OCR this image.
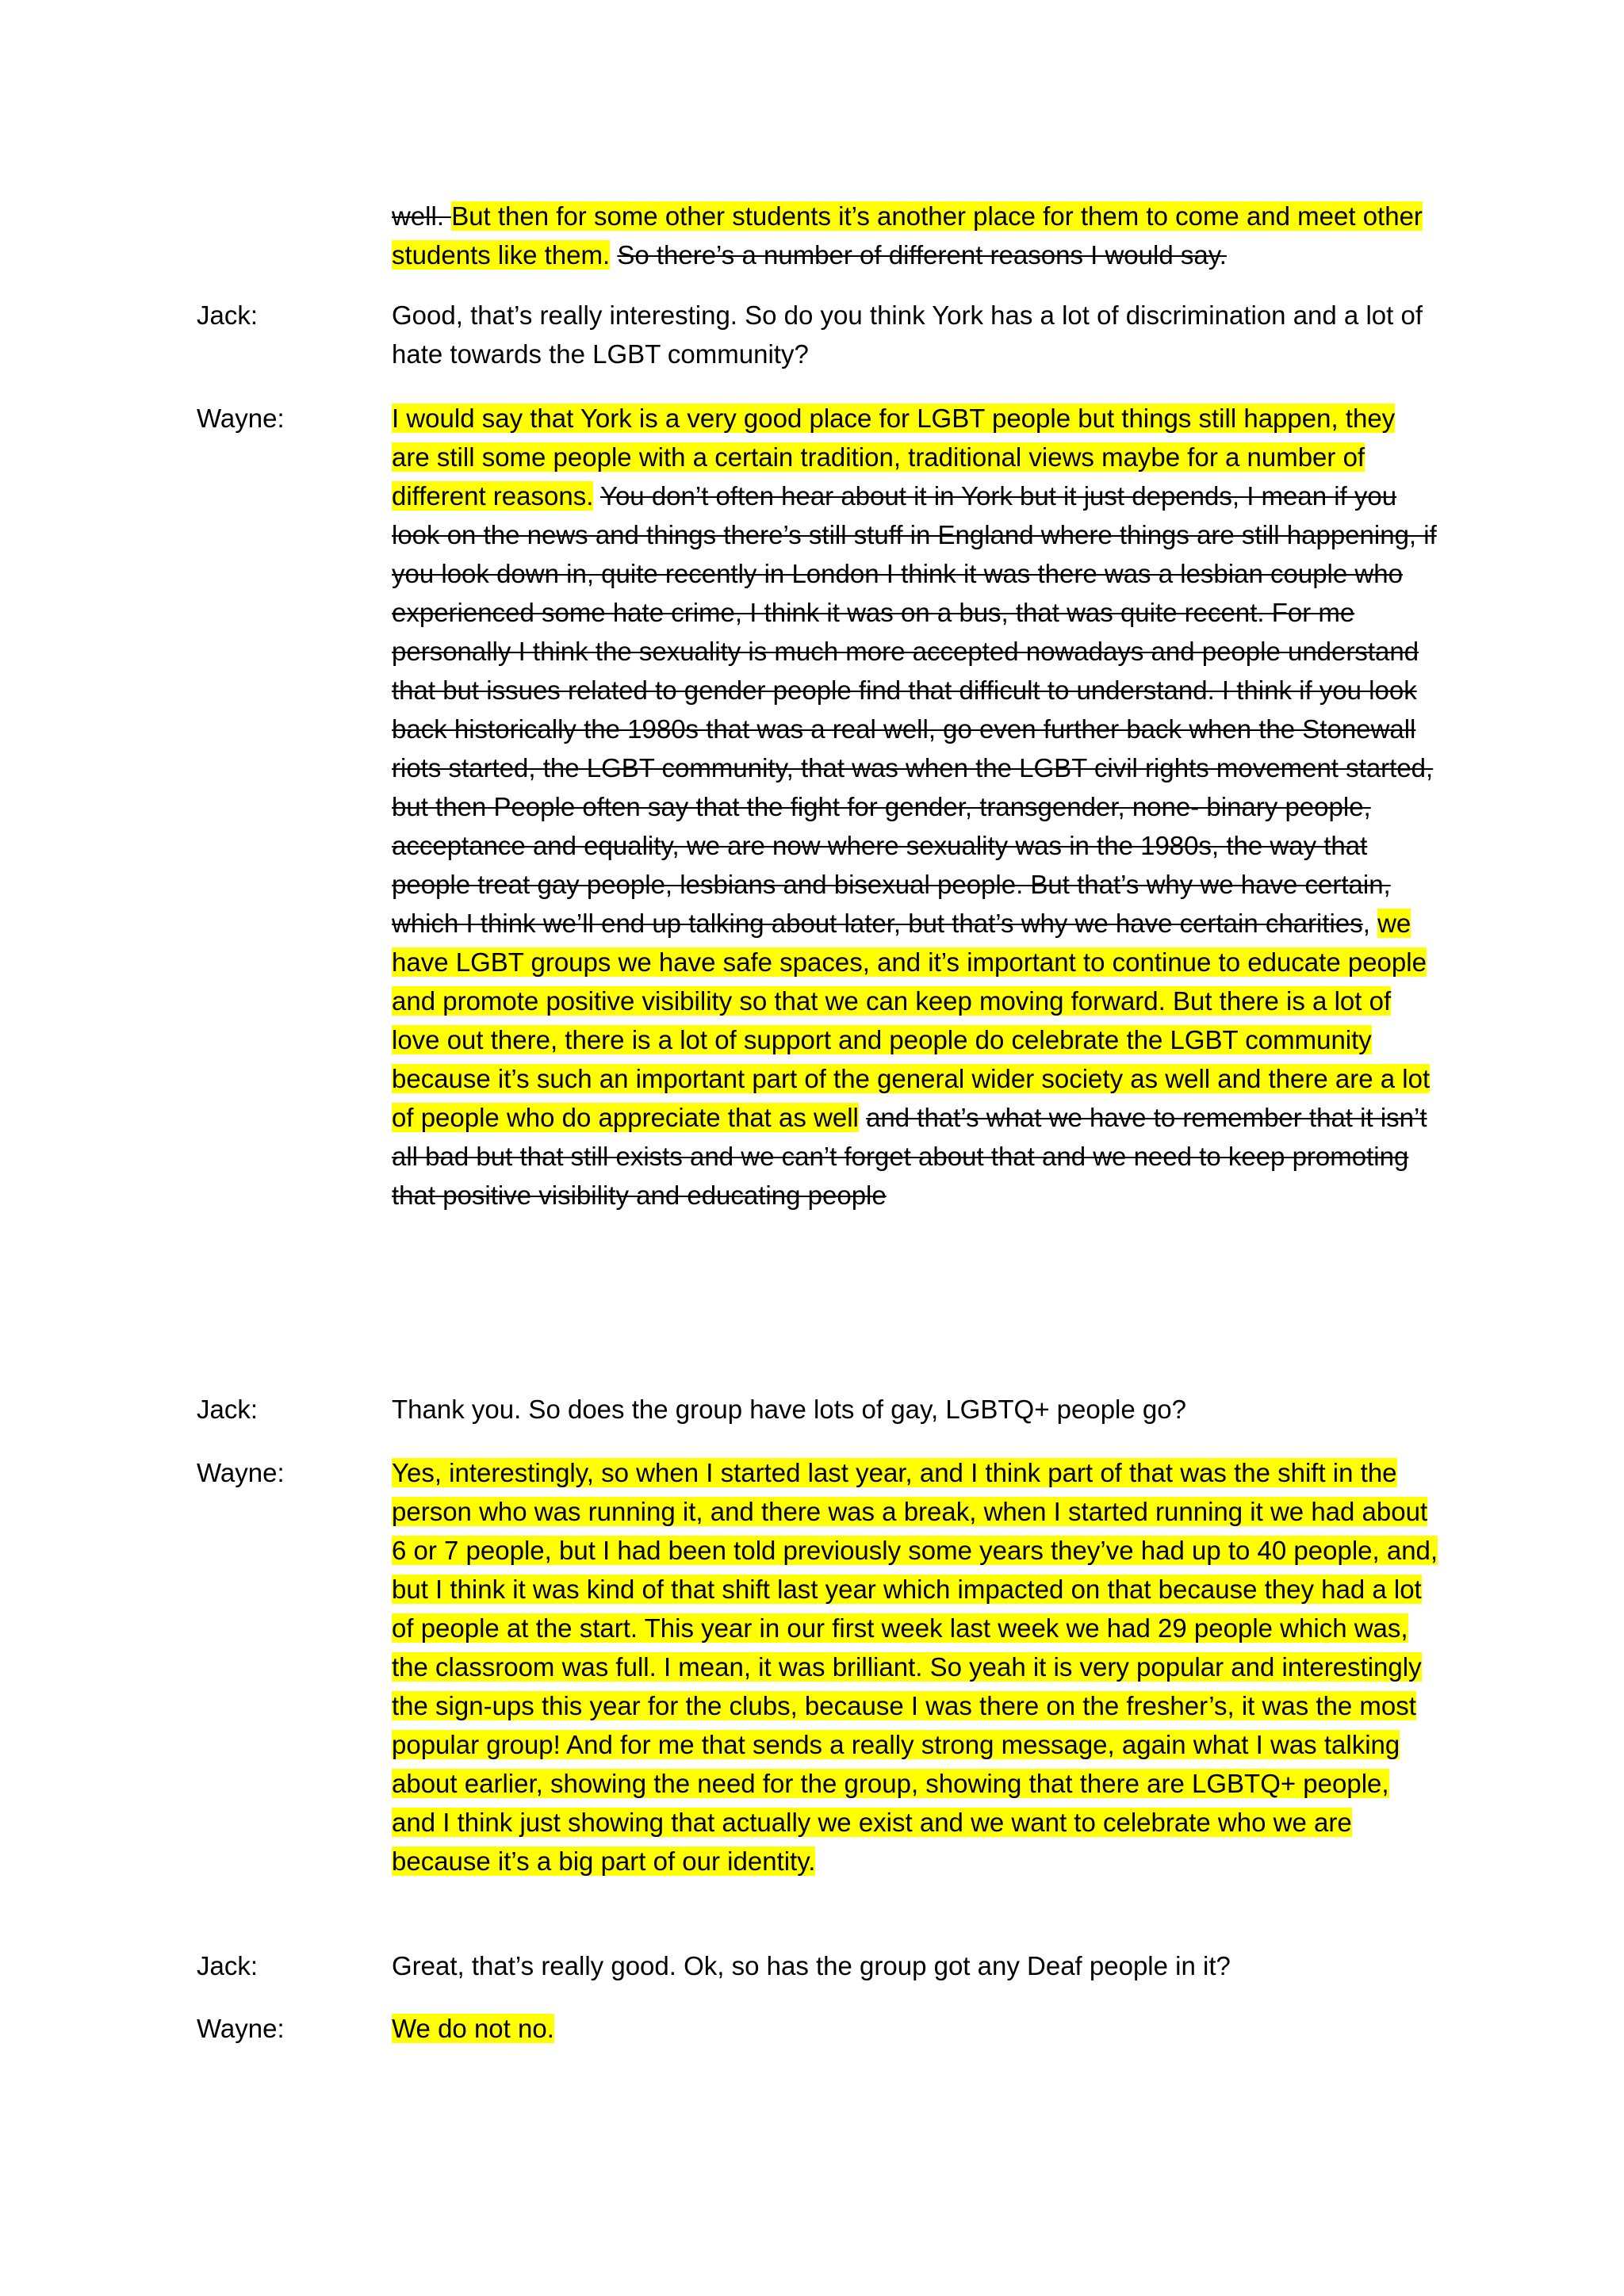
well. But then for some other students it’s another place for them to come and meet other students like them. So there’s a number of different reasons I would say.
Jack:	Good, that’s really interesting. So do you think York has a lot of discrimination and a lot of hate towards the LGBT community?
Wayne:	I would say that York is a very good place for LGBT people but things still happen, they are still some people with a certain tradition, traditional views maybe for a number of different reasons. You don’t often hear about it in York but it just depends, I mean if you look on the news and things there’s still stuff in England where things are still happening, if you look down in, quite recently in London I think it was there was a lesbian couple who experienced some hate crime, I think it was on a bus, that was quite recent. For me personally I think the sexuality is much more accepted nowadays and people understand that but issues related to gender people find that difficult to understand. I think if you look back historically the 1980s that was a real well, go even further back when the Stonewall riots started, the LGBT community, that was when the LGBT civil rights movement started, but then People often say that the fight for gender, transgender, none- binary people, acceptance and equality, we are now where sexuality was in the 1980s, the way that people treat gay people, lesbians and bisexual people. But that’s why we have certain, which I think we’ll end up talking about later, but that’s why we have certain charities, we have LGBT groups we have safe spaces, and it’s important to continue to educate people and promote positive visibility so that we can keep moving forward. But there is a lot of love out there, there is a lot of support and people do celebrate the LGBT community because it’s such an important part of the general wider society as well and there are a lot of people who do appreciate that as well and that’s what we have to remember that it isn’t all bad but that still exists and we can’t forget about that and we need to keep promoting that positive visibility and educating people
Jack:	Thank you. So does the group have lots of gay, LGBTQ+ people go?
Wayne:	Yes, interestingly, so when I started last year, and I think part of that was the shift in the person who was running it, and there was a break, when I started running it we had about 6 or 7 people, but I had been told previously some years they’ve had up to 40 people, and, but I think it was kind of that shift last year which impacted on that because they had a lot of people at the start. This year in our first week last week we had 29 people which was, the classroom was full. I mean, it was brilliant. So yeah it is very popular and interestingly the sign-ups this year for the clubs, because I was there on the fresher’s, it was the most popular group! And for me that sends a really strong message, again what I was talking about earlier, showing the need for the group, showing that there are LGBTQ+ people, and I think just showing that actually we exist and we want to celebrate who we are because it’s a big part of our identity.
Jack:	Great, that’s really good. Ok, so has the group got any Deaf people in it?
Wayne:	We do not no.
